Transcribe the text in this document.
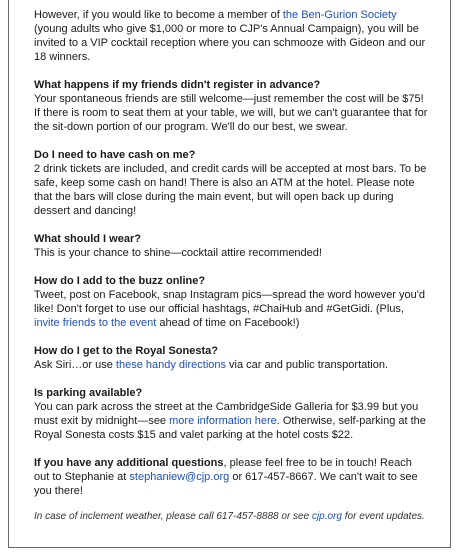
However, if you would like to become a member of the Ben-Gurion Society (young adults who give $1,000 or more to CJP's Annual Campaign), you will be invited to a VIP cocktail reception where you can schmooze with Gideon and our 18 winners.

What happens if my friends didn't register in advance?

Your spontaneous friends are still welcome—just remember the cost will be $75! If there is room to seat them at your table, we will, but we can't guarantee that for the sit-down portion of our program. We'll do our best, we swear.

Do I need to have cash on me?

2 drink tickets are included, and credit cards will be accepted at most bars. To be safe, keep some cash on hand! There is also an ATM at the hotel. Please note that the bars will close during the main event, but will open back up during dessert and dancing!

What should I wear?

This is your chance to shine—cocktail attire recommended!

How do I add to the buzz online?

Tweet, post on Facebook, snap Instagram pics—spread the word however you'd like! Don't forget to use our official hashtags, #ChaiHub and #GetGidi. (Plus, invite friends to the event ahead of time on Facebook!)

How do I get to the Royal Sonesta?

Ask Siri…or use these handy directions via car and public transportation.

Is parking available?

You can park across the street at the CambridgeSide Galleria for $3.99 but you must exit by midnight—see more information here. Otherwise, self-parking at the Royal Sonesta costs $15 and valet parking at the hotel costs $22.

If you have any additional questions, please feel free to be in touch! Reach out to Stephanie at stephaniew@cjp.org or 617-457-8667. We can't wait to see you there!

In case of inclement weather, please call 617-457-8888 or see cjp.org for event updates.
